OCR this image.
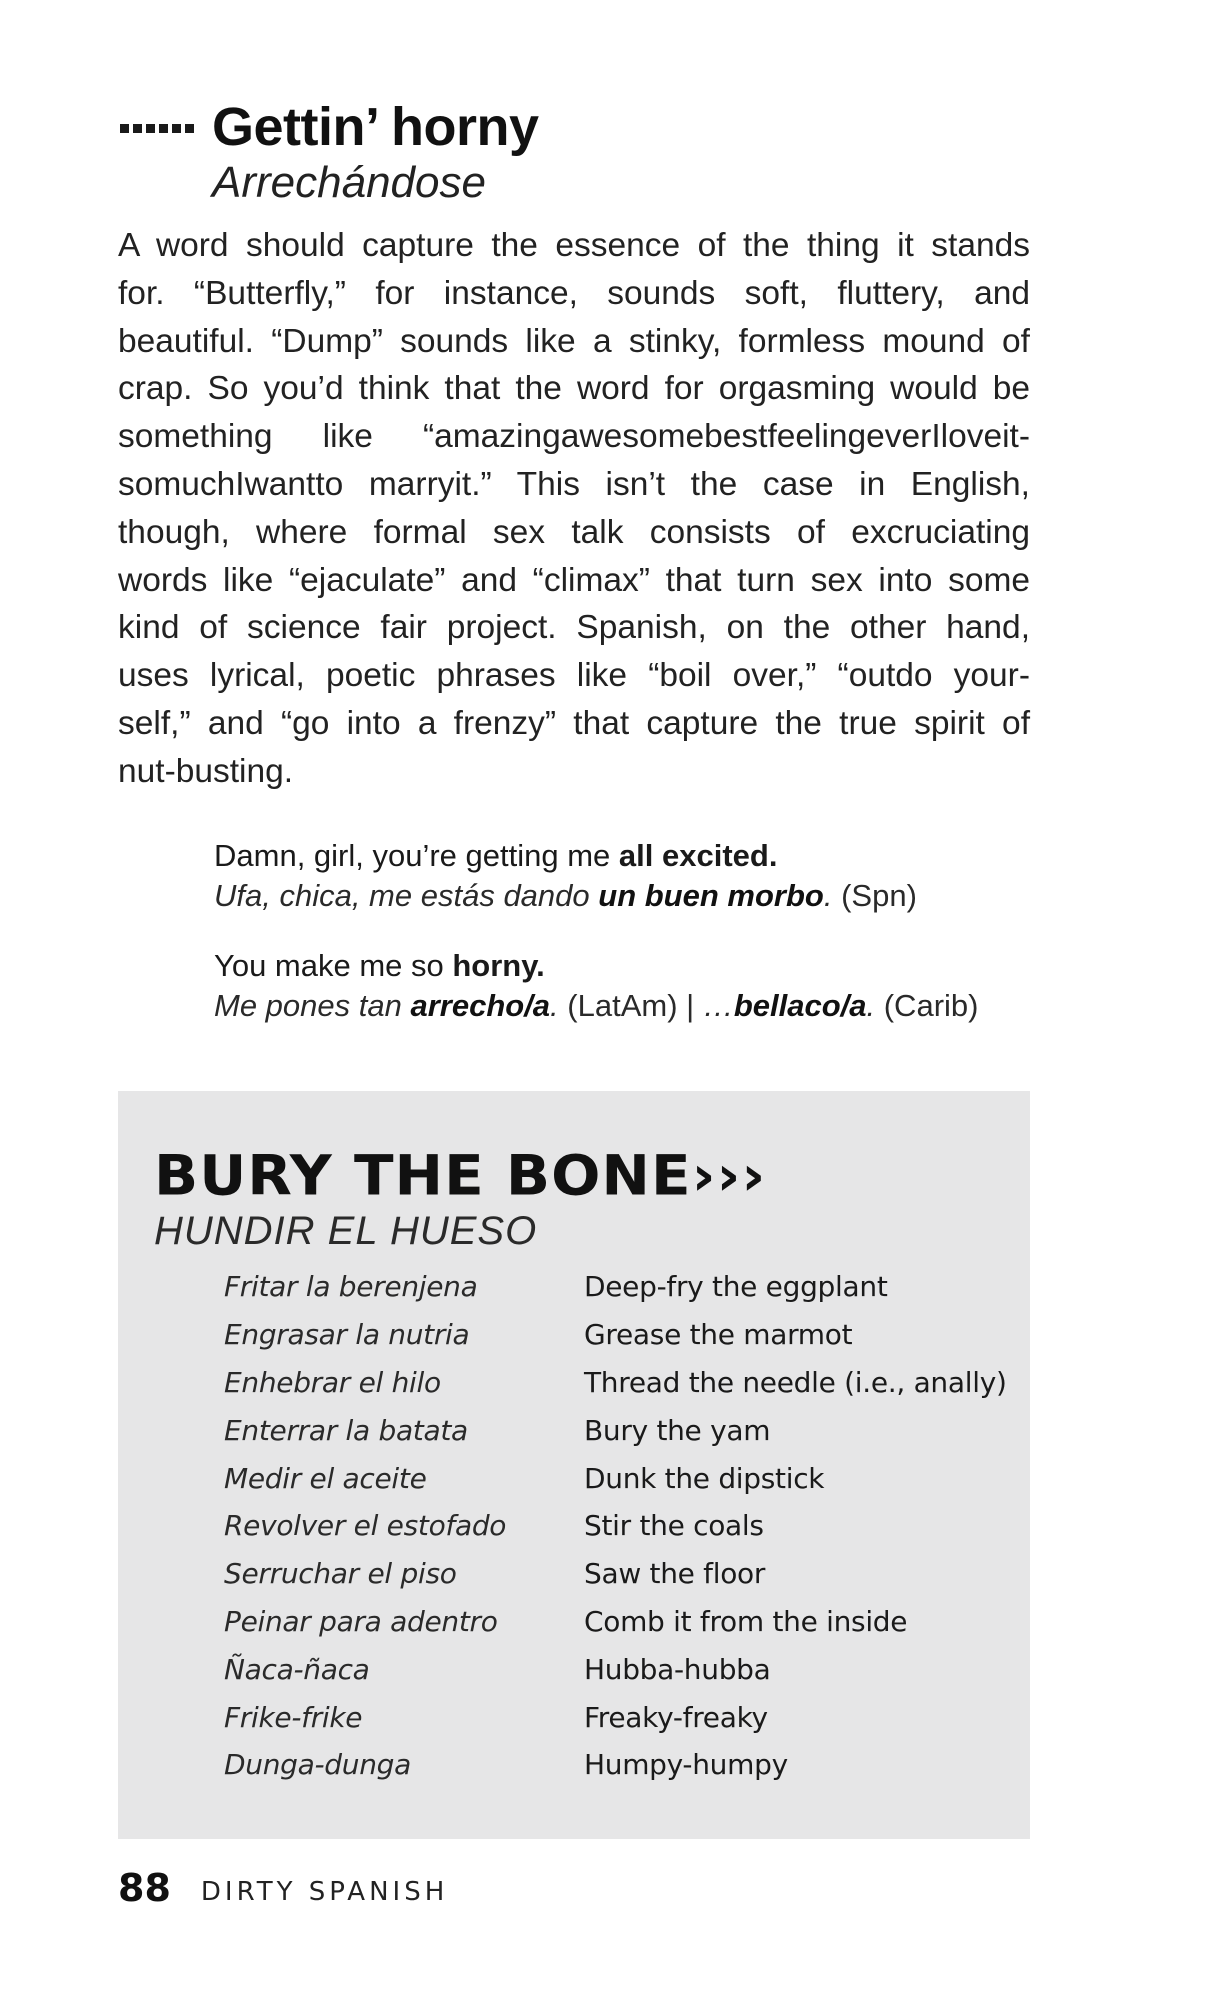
Gettin’ horny
Arrechándose
A word should capture the essence of the thing it stands
for. “Butterfly,” for instance, sounds soft, fluttery, and
beautiful. “Dump” sounds like a stinky, formless mound of
crap. So you’d think that the word for orgasming would be
something like “amazingawesomebestfeelingeverIloveit-
somuchIwantto marryit.” This isn’t the case in English,
though, where formal sex talk consists of excruciating
words like “ejaculate” and “climax” that turn sex into some
kind of science fair project. Spanish, on the other hand,
uses lyrical, poetic phrases like “boil over,” “outdo your-
self,” and “go into a frenzy” that capture the true spirit of
nut-busting.
Damn, girl, you’re getting me all excited.
Ufa, chica, me estás dando un buen morbo. (Spn)
You make me so horny.
Me pones tan arrecho/a. (LatAm) | …bellaco/a. (Carib)
BURY THE BONE›››
HUNDIR EL HUESO
Fritar la berenjena	Deep-fry the eggplant
Engrasar la nutria	Grease the marmot
Enhebrar el hilo	Thread the needle (i.e., anally)
Enterrar la batata	Bury the yam
Medir el aceite	Dunk the dipstick
Revolver el estofado	Stir the coals
Serruchar el piso	Saw the floor
Peinar para adentro	Comb it from the inside
Ñaca-ñaca	Hubba-hubba
Frike-frike	Freaky-freaky
Dunga-dunga	Humpy-humpy
88 DIRTY SPANISH
